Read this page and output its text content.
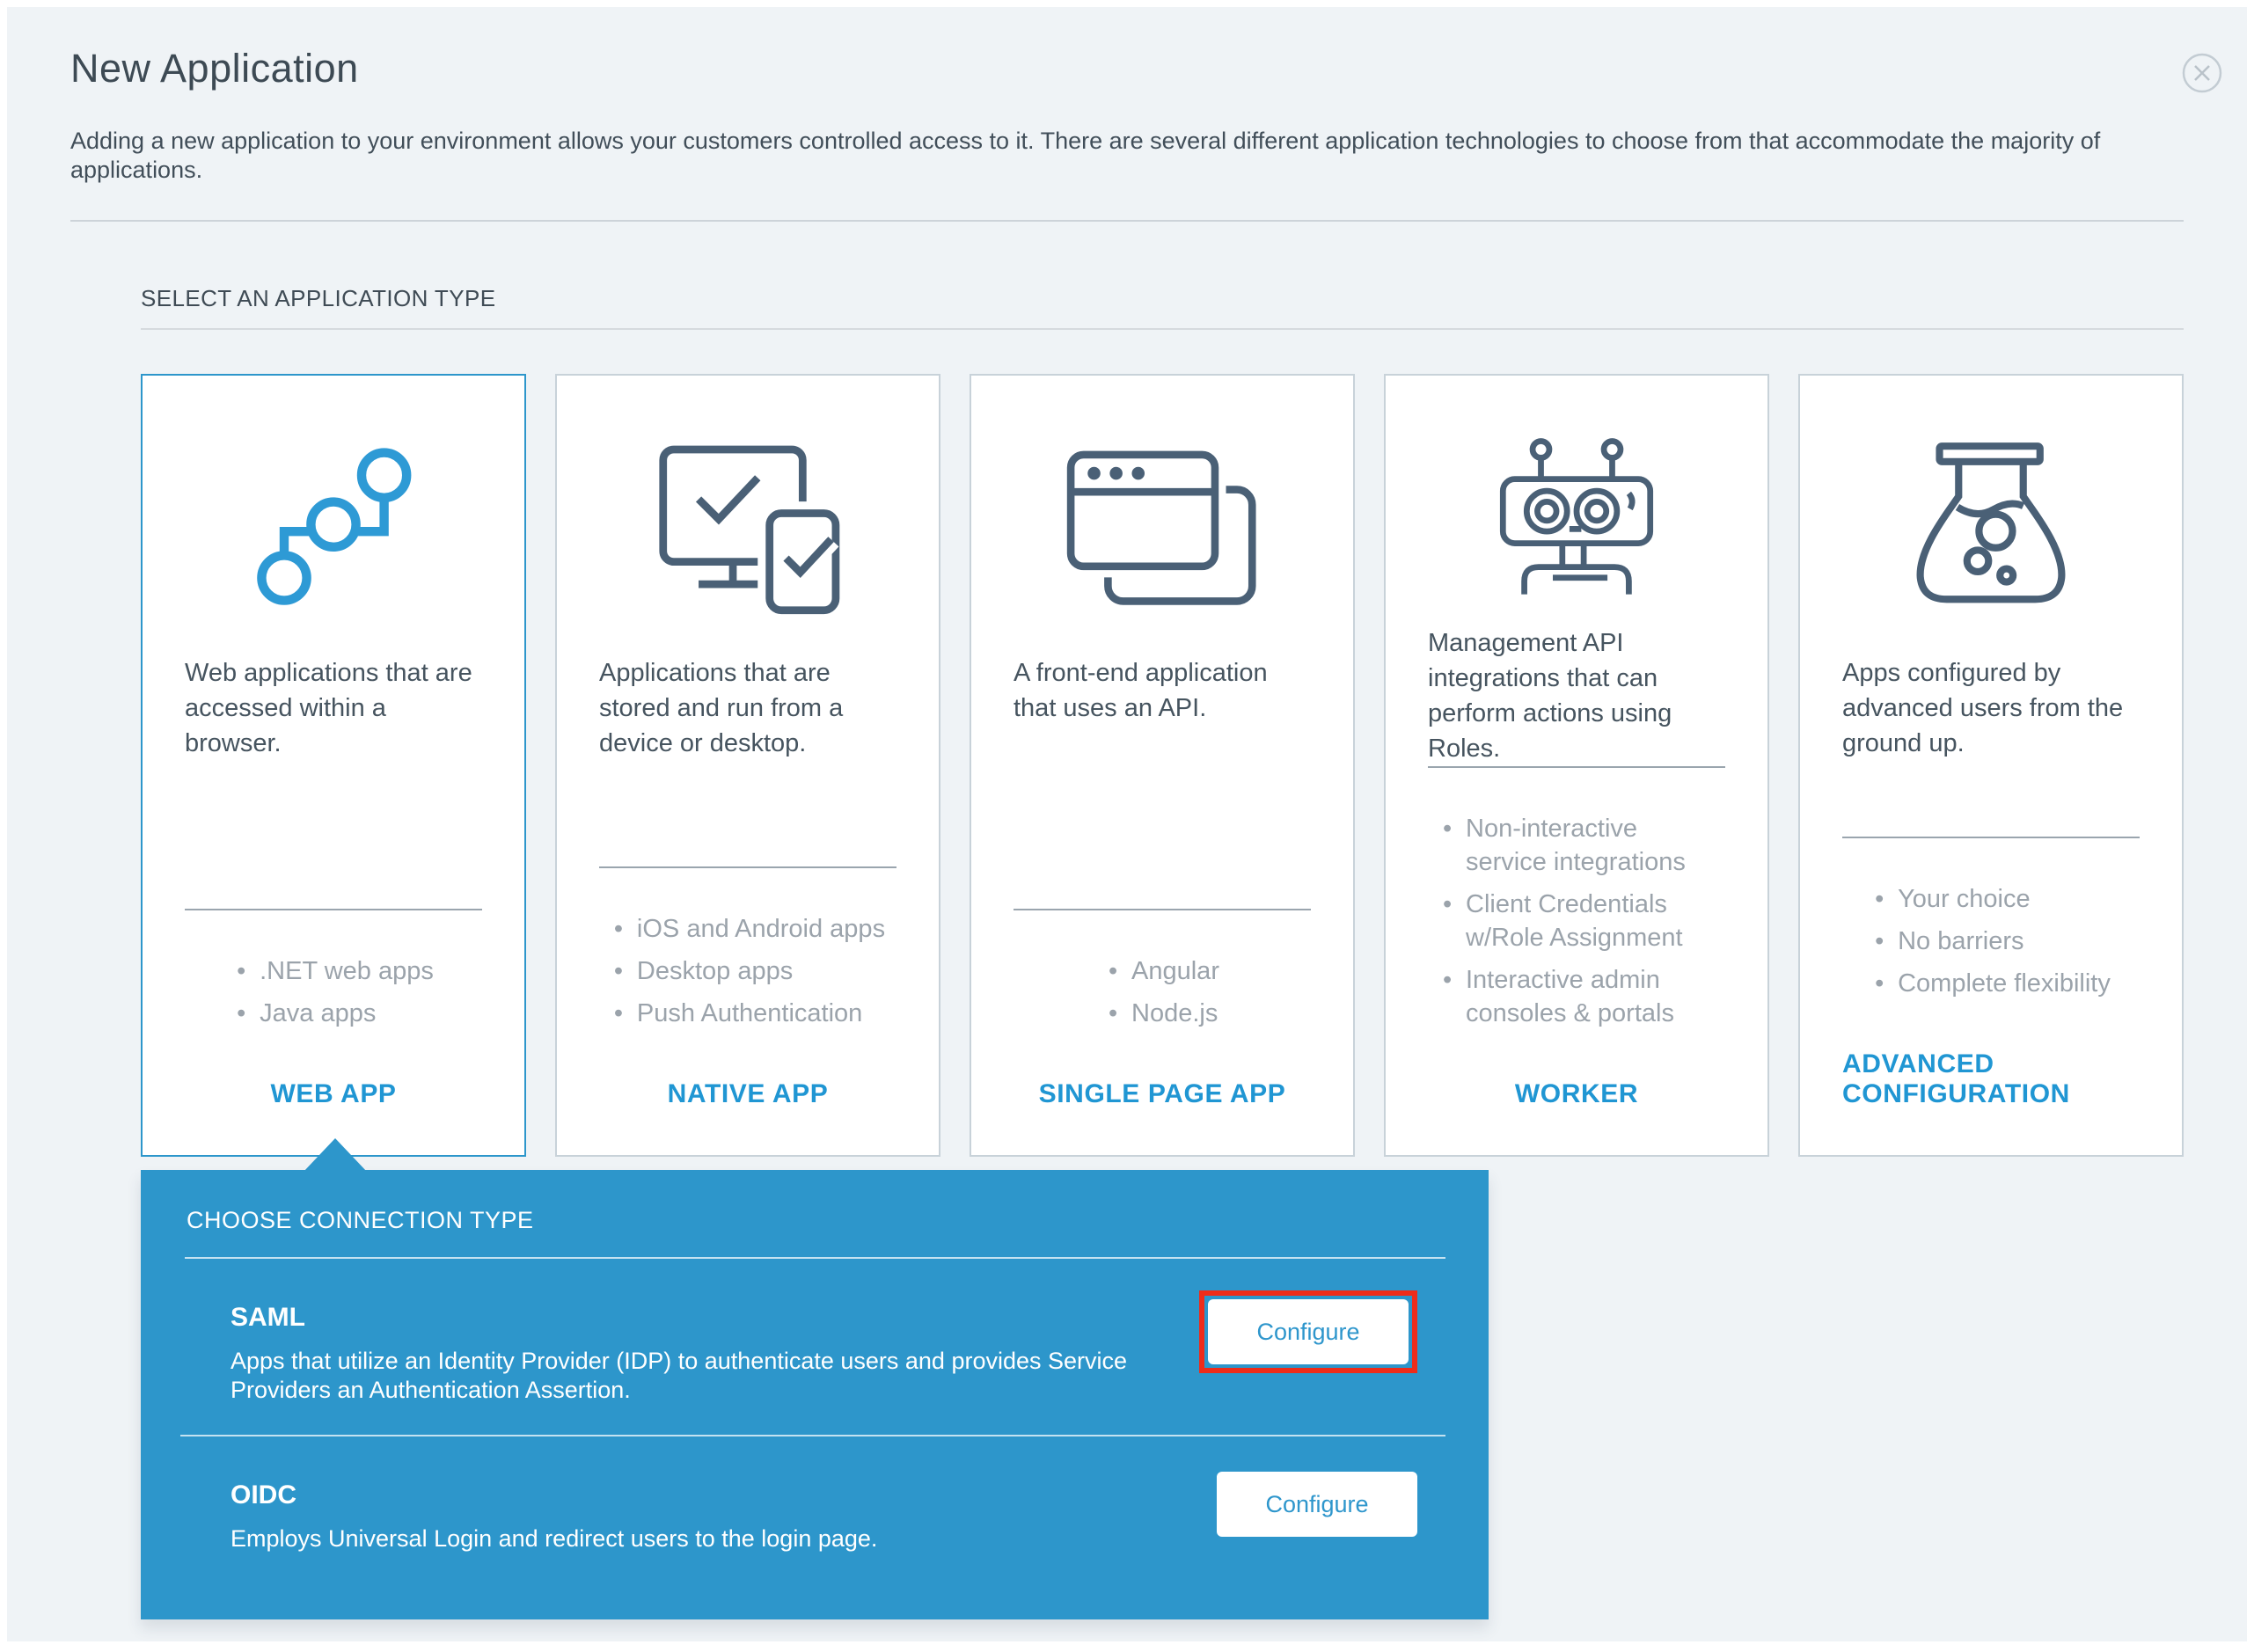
New Application
Adding a new application to your environment allows your customers controlled access to it. There are several different application technologies to choose from that accommodate the majority of applications.
SELECT AN APPLICATION TYPE
Web applications that are accessed within a browser.
• .NET web apps
• Java apps
WEB APP
Applications that are stored and run from a device or desktop.
• iOS and Android apps
• Desktop apps
• Push Authentication
NATIVE APP
A front-end application that uses an API.
• Angular
• Node.js
SINGLE PAGE APP
Management API integrations that can perform actions using Roles.
• Non-interactive service integrations
• Client Credentials w/Role Assignment
• Interactive admin consoles & portals
WORKER
Apps configured by advanced users from the ground up.
• Your choice
• No barriers
• Complete flexibility
ADVANCED CONFIGURATION
CHOOSE CONNECTION TYPE
SAML
Apps that utilize an Identity Provider (IDP) to authenticate users and provides Service Providers an Authentication Assertion.
Configure
OIDC
Employs Universal Login and redirect users to the login page.
Configure
